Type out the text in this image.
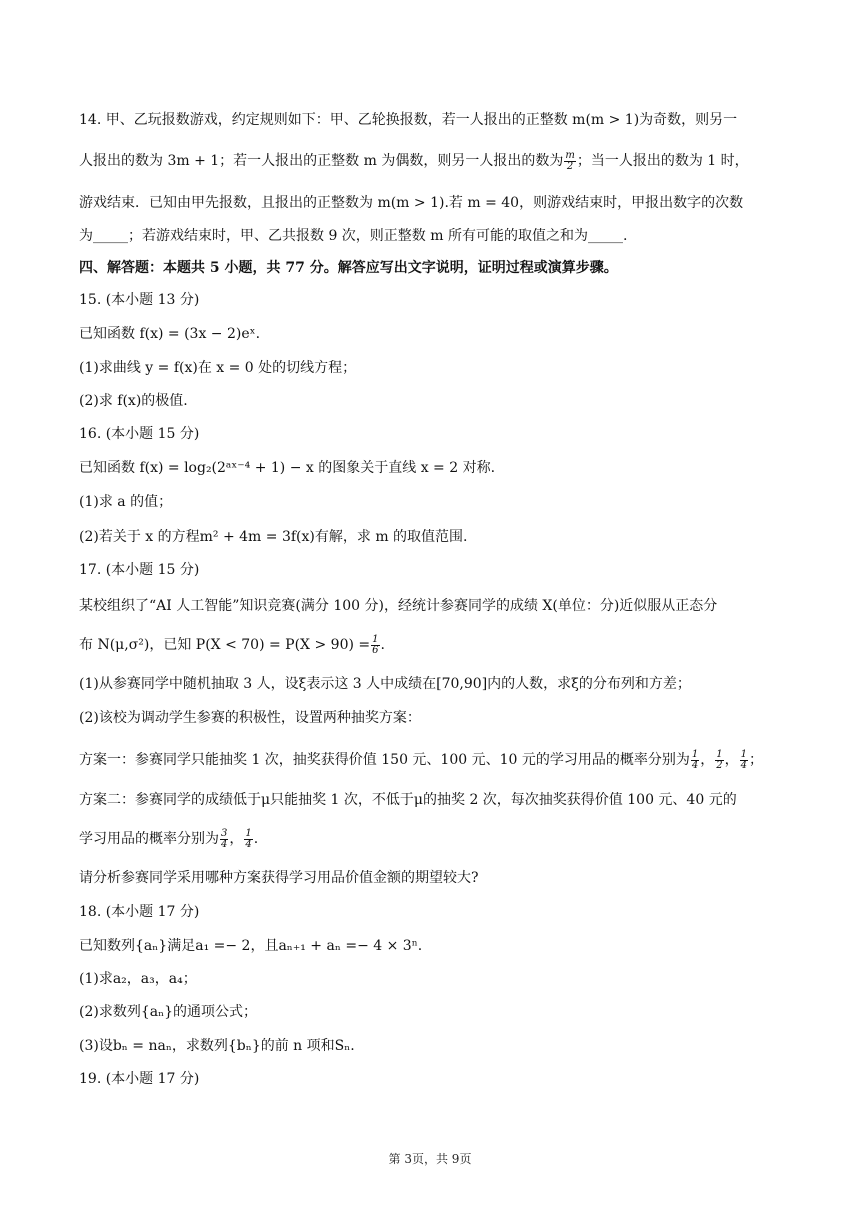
14. 甲、乙玩报数游戏，约定规则如下：甲、乙轮换报数，若一人报出的正整数 m(m > 1)为奇数，则另一
人报出的数为 3m + 1；若一人报出的正整数 m 为偶数，则另一人报出的数为 $\frac{m}{2}$ ；当一人报出的数为 1 时，
游戏结束．已知由甲先报数，且报出的正整数为 m(m > 1).若 m = 40，则游戏结束时，甲报出数字的次数
为_____；若游戏结束时，甲、乙共报数 9 次，则正整数 m 所有可能的取值之和为_____.
四、解答题：本题共 5 小题，共 77 分。解答应写出文字说明，证明过程或演算步骤。
15. (本小题 13 分)
已知函数 f(x) = (3x − 2)eˣ.
(1)求曲线 y = f(x)在 x = 0 处的切线方程；
(2)求 f(x)的极值.
16. (本小题 15 分)
已知函数 f(x) = log₂(2ᵃˣ⁻⁴ + 1) − x 的图象关于直线 x = 2 对称.
(1)求 a 的值；
(2)若关于 x 的方程m² + 4m = 3f(x)有解，求 m 的取值范围.
17. (本小题 15 分)
某校组织了“AI 人工智能”知识竞赛(满分 100 分)，经统计参赛同学的成绩 X(单位：分)近似服从正态分
布 N(μ,σ²)，已知 $P(X < 70) = P(X > 90) = \frac{1}{6}$ .
(1)从参赛同学中随机抽取 3 人，设ξ表示这 3 人中成绩在[70,90]内的人数，求ξ的分布列和方差；
(2)该校为调动学生参赛的积极性，设置两种抽奖方案：
方案一：参赛同学只能抽奖 1 次，抽奖获得价值 150 元、100 元、10 元的学习用品的概率分别为 $\frac{1}{4}$ ， $\frac{1}{2}$ ， $\frac{1}{4}$ ；
方案二：参赛同学的成绩低于μ只能抽奖 1 次，不低于μ的抽奖 2 次，每次抽奖获得价值 100 元、40 元的
学习用品的概率分别为 $\frac{3}{4}$ ， $\frac{1}{4}$ .
请分析参赛同学采用哪种方案获得学习用品价值金额的期望较大?
18. (本小题 17 分)
已知数列{aₙ}满足a₁ =− 2，且aₙ₊₁ + aₙ =− 4 × 3ⁿ.
(1)求a₂，a₃，a₄；
(2)求数列{aₙ}的通项公式；
(3)设bₙ = naₙ，求数列{bₙ}的前 n 项和Sₙ.
19. (本小题 17 分)
第 3页，共 9页
